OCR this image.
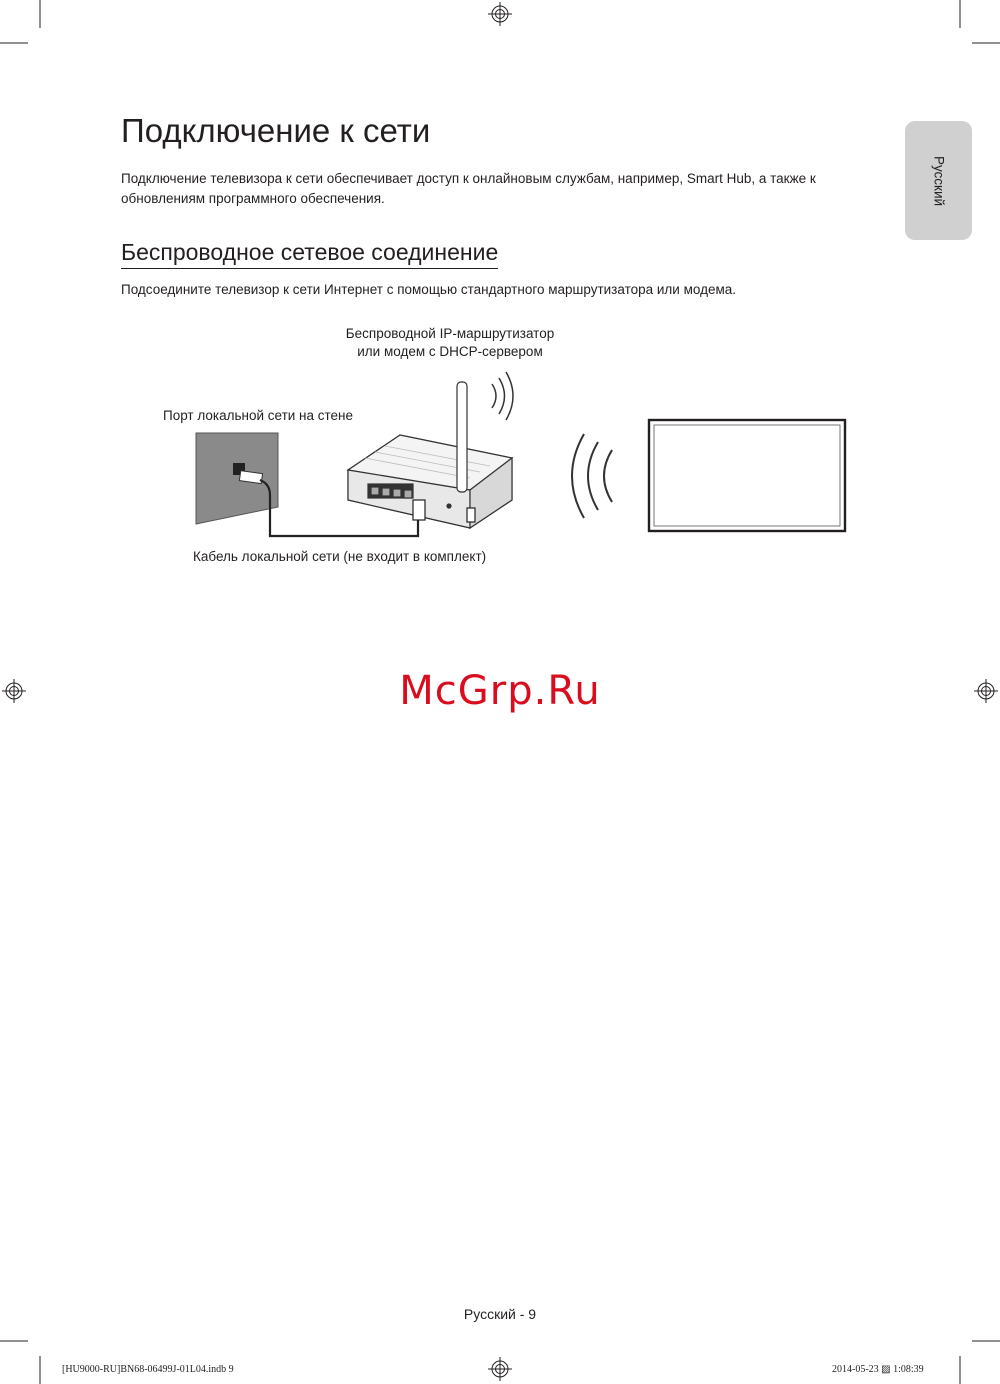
Русский
Подключение к сети

Подключение телевизора к сети обеспечивает доступ к онлайновым службам, например, Smart Hub, а также к обновлениям программного обеспечения.

Беспроводное сетевое соединение

Подсоедините телевизор к сети Интернет с помощью стандартного маршрутизатора или модема.

Беспроводной IP-маршрутизатор
или модем с DHCP-сервером
Порт локальной сети на стене
Кабель локальной сети (не входит в комплект)
McGrp.Ru
Русский - 9
[HU9000-RU]BN68-06499J-01L04.indb 9	2014-05-23 ▨ 1:08:39
